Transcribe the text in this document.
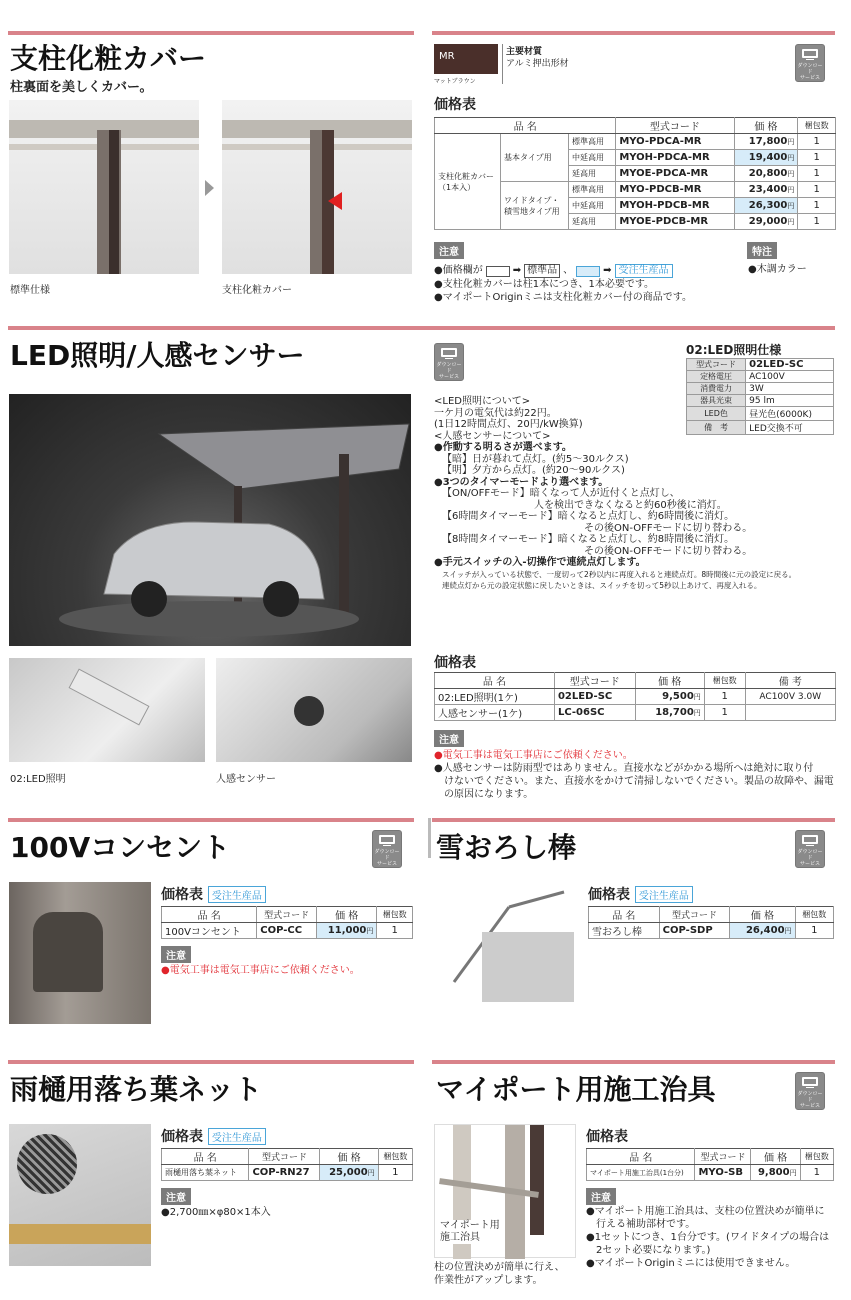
支柱化粧カバー
柱裏面を美しくカバー。
標準仕様	支柱化粧カバー
MR
マットブラウン
主要材質
アルミ押出形材	ダウンロード
サービス
価格表
品 名			型式コード	価 格	梱包数
支柱化粧カバー（1本入）	基本タイプ用	標準高用	MYO-PDCA-MR	17,800円	1
		中延高用	MYOH-PDCA-MR	19,400円	1
		延高用	MYOE-PDCA-MR	20,800円	1
	ワイドタイプ・積雪地タイプ用	標準高用	MYO-PDCB-MR	23,400円	1
		中延高用	MYOH-PDCB-MR	26,300円	1
		延高用	MYOE-PDCB-MR	29,000円	1
注意	特注
●木調カラー
●価格欄が	➡ 標準品 、	➡ 受注生産品
●支柱化粧カバーは柱1本につき、1本必要です。
●マイポートOriginミニは支柱化粧カバー付の商品です。
LED照明/人感センサー	ダウンロード
サービス
02:LED照明	人感センサー
02:LED照明仕様
型式コード	02LED-SC
定格電圧	AC100V
消費電力	3W
器具光束	95 lm
LED色	昼光色(6000K)
備　考	LED交換不可
<LED照明について>
一ケ月の電気代は約22円。
(1日12時間点灯、20円/kW換算)
<人感センサーについて>
●作動する明るさが選べます。
【暗】日が暮れて点灯。(約5～30ルクス)
【明】夕方から点灯。(約20～90ルクス)
●3つのタイマーモードより選べます。
【ON/OFFモード】暗くなって人が近付くと点灯し、
人を検出できなくなると約60秒後に消灯。
【6時間タイマーモード】暗くなると点灯し、約6時間後に消灯。
その後ON-OFFモードに切り替わる。
【8時間タイマーモード】暗くなると点灯し、約8時間後に消灯。
その後ON-OFFモードに切り替わる。
●手元スイッチの入-切操作で連続点灯します。
スイッチが入っている状態で、一度切って2秒以内に再度入れると連続点灯。8時間後に元の設定に戻る。
連続点灯から元の設定状態に戻したいときは、スイッチを切って5秒以上あけて、再度入れる。
価格表
品 名	型式コード	価 格	梱包数	備 考
02:LED照明(1ケ)	02LED-SC	9,500円	1	AC100V 3.0W
人感センサー(1ケ)	LC-06SC	18,700円	1	
注意
●電気工事は電気工事店にご依頼ください。
●人感センサーは防雨型ではありません。直接水などがかかる場所へは絶対に取り付
けないでください。また、直接水をかけて清掃しないでください。製品の故障や、漏電
の原因になります。
100Vコンセント	ダウンロード
サービス
価格表 受注生産品
品 名	型式コード	価 格	梱包数
100Vコンセント	COP-CC	11,000円	1
注意
●電気工事は電気工事店にご依頼ください。
雪おろし棒	ダウンロード
サービス
価格表 受注生産品
品 名	型式コード	価 格	梱包数
雪おろし棒	COP-SDP	26,400円	1
雨樋用落ち葉ネット
価格表 受注生産品
品 名	型式コード	価 格	梱包数
雨樋用落ち葉ネット	COP-RN27	25,000円	1
注意
●2,700㎜×φ80×1本入
マイポート用施工治具	ダウンロード
サービス
マイポート用
施工治具
柱の位置決めが簡単に行え、
作業性がアップします。
価格表
品 名	型式コード	価 格	梱包数
マイポート用施工治具(1台分)	MYO-SB	9,800円	1
注意
●マイポート用施工治具は、支柱の位置決めが簡単に
行える補助部材です。
●1セットにつき、1台分です。(ワイドタイプの場合は
2セット必要になります。)
●マイポートOriginミニには使用できません。
